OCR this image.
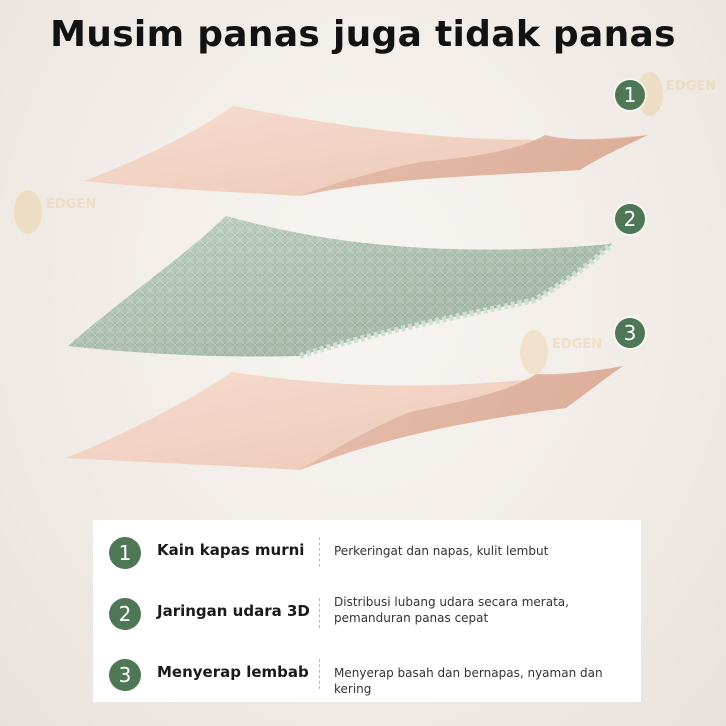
EDGEN
EDGEN
EDGEN
Musim panas juga tidak panas
1
2
3
1	Kain kapas murni	Perkeringat dan napas, kulit lembut
2	Jaringan udara 3D	Distribusi lubang udara secara merata, pemanduran panas cepat
3	Menyerap lembab	Menyerap basah dan bernapas, nyaman dan kering
